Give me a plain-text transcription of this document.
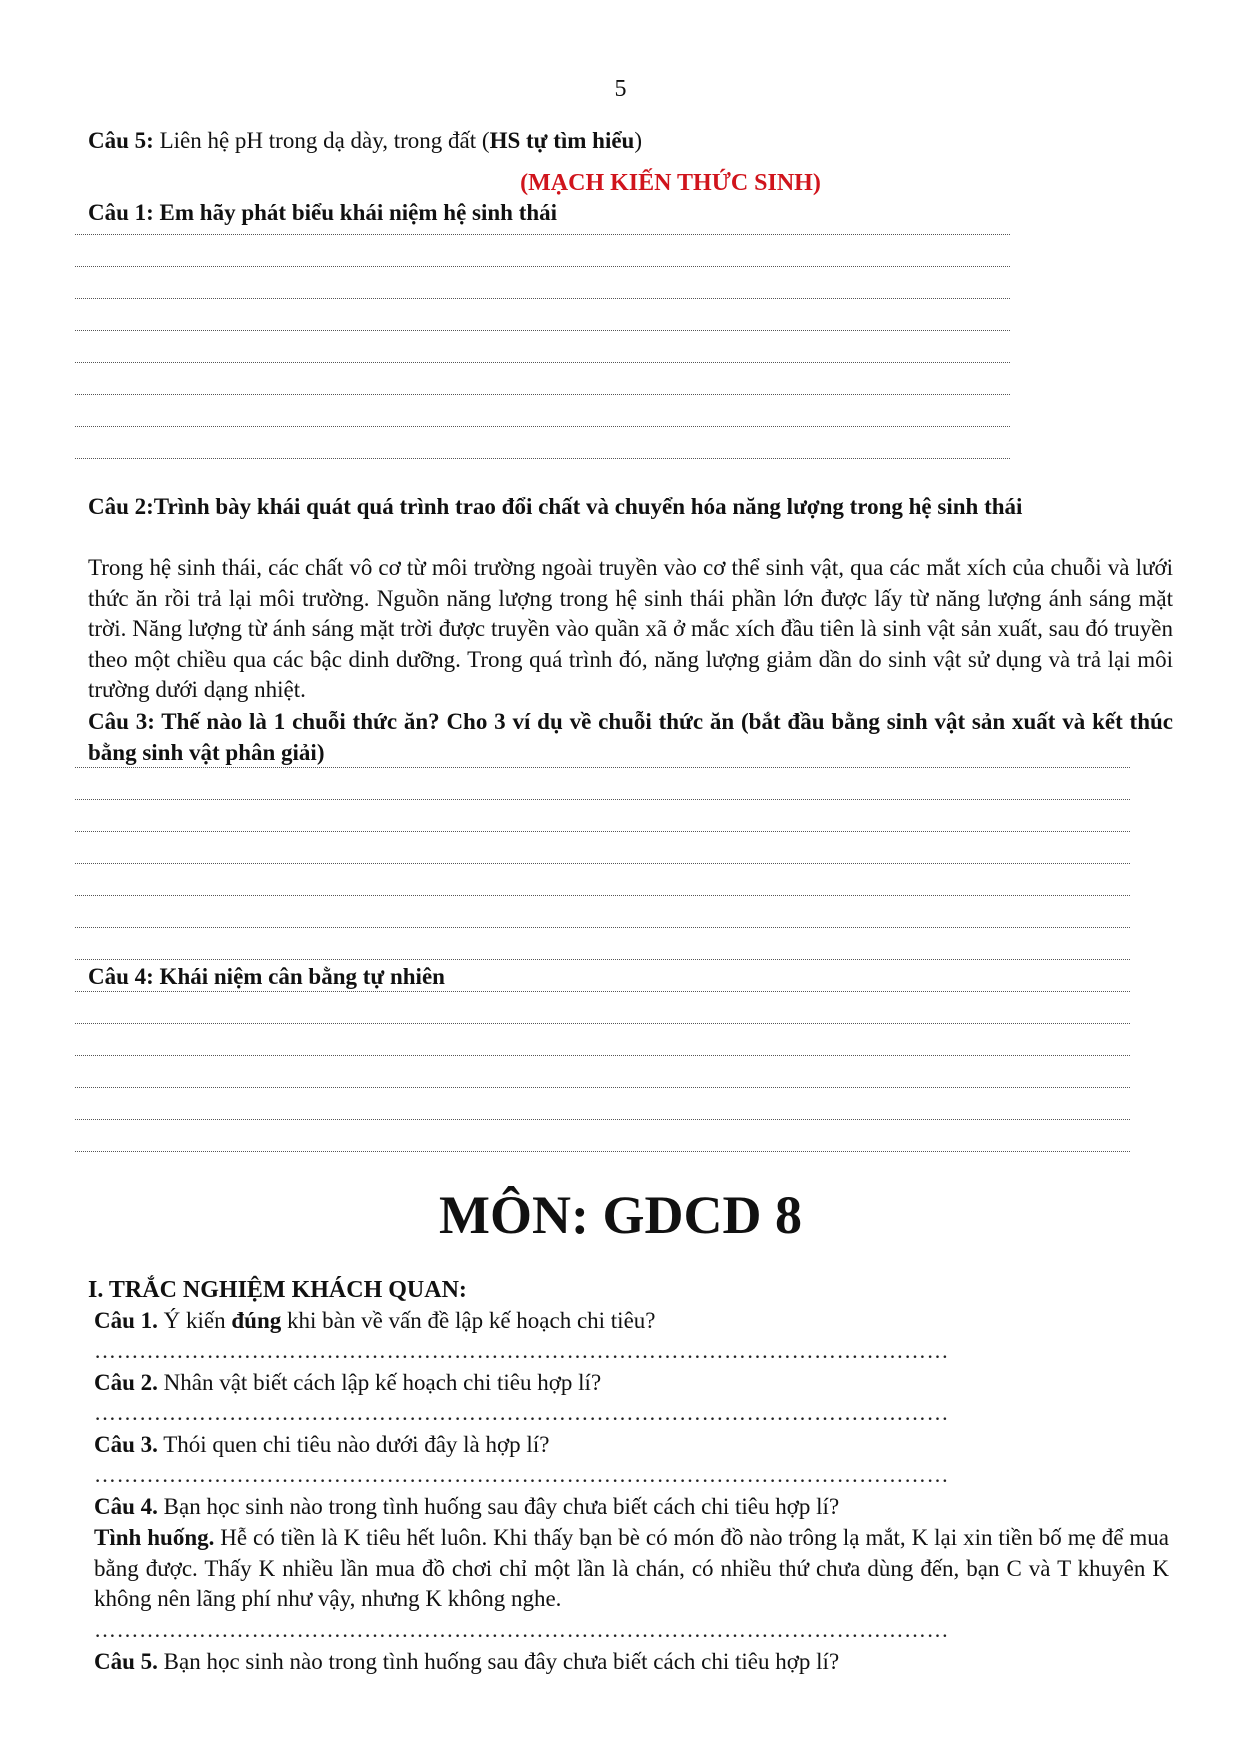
5
Câu 5: Liên hệ pH trong dạ dày, trong đất (HS tự tìm hiểu)
(MẠCH KIẾN THỨC SINH)
Câu 1: Em hãy phát biểu khái niệm hệ sinh thái
Câu 2:Trình bày khái quát quá trình trao đổi chất và chuyển hóa năng lượng trong hệ sinh thái
Trong hệ sinh thái, các chất vô cơ từ môi trường ngoài truyền vào cơ thể sinh vật, qua các mắt xích của chuỗi và lưới thức ăn rồi trả lại môi trường. Nguồn năng lượng trong hệ sinh thái phần lớn được lấy từ năng lượng ánh sáng mặt trời. Năng lượng từ ánh sáng mặt trời được truyền vào quần xã ở mắc xích đầu tiên là sinh vật sản xuất, sau đó truyền theo một chiều qua các bậc dinh dưỡng. Trong quá trình đó, năng lượng giảm dần do sinh vật sử dụng và trả lại môi trường dưới dạng nhiệt.
Câu 3: Thế nào là 1 chuỗi thức ăn? Cho 3 ví dụ về chuỗi thức ăn (bắt đầu bằng sinh vật sản xuất và kết thúc bằng sinh vật phân giải)
Câu 4: Khái niệm cân bằng tự nhiên
MÔN: GDCD 8
I. TRẮC NGHIỆM KHÁCH QUAN:
Câu 1. Ý kiến đúng khi bàn về vấn đề lập kế hoạch chi tiêu?
……………………………………………………………………………………………………
Câu 2. Nhân vật biết cách lập kế hoạch chi tiêu hợp lí?
……………………………………………………………………………………………………
Câu 3. Thói quen chi tiêu nào dưới đây là hợp lí?
……………………………………………………………………………………………………
Câu 4. Bạn học sinh nào trong tình huống sau đây chưa biết cách chi tiêu hợp lí?
Tình huống. Hễ có tiền là K tiêu hết luôn. Khi thấy bạn bè có món đồ nào trông lạ mắt, K lại xin tiền bố mẹ để mua bằng được. Thấy K nhiều lần mua đồ chơi chỉ một lần là chán, có nhiều thứ chưa dùng đến, bạn C và T khuyên K không nên lãng phí như vậy, nhưng K không nghe.
……………………………………………………………………………………………………
Câu 5. Bạn học sinh nào trong tình huống sau đây chưa biết cách chi tiêu hợp lí?
